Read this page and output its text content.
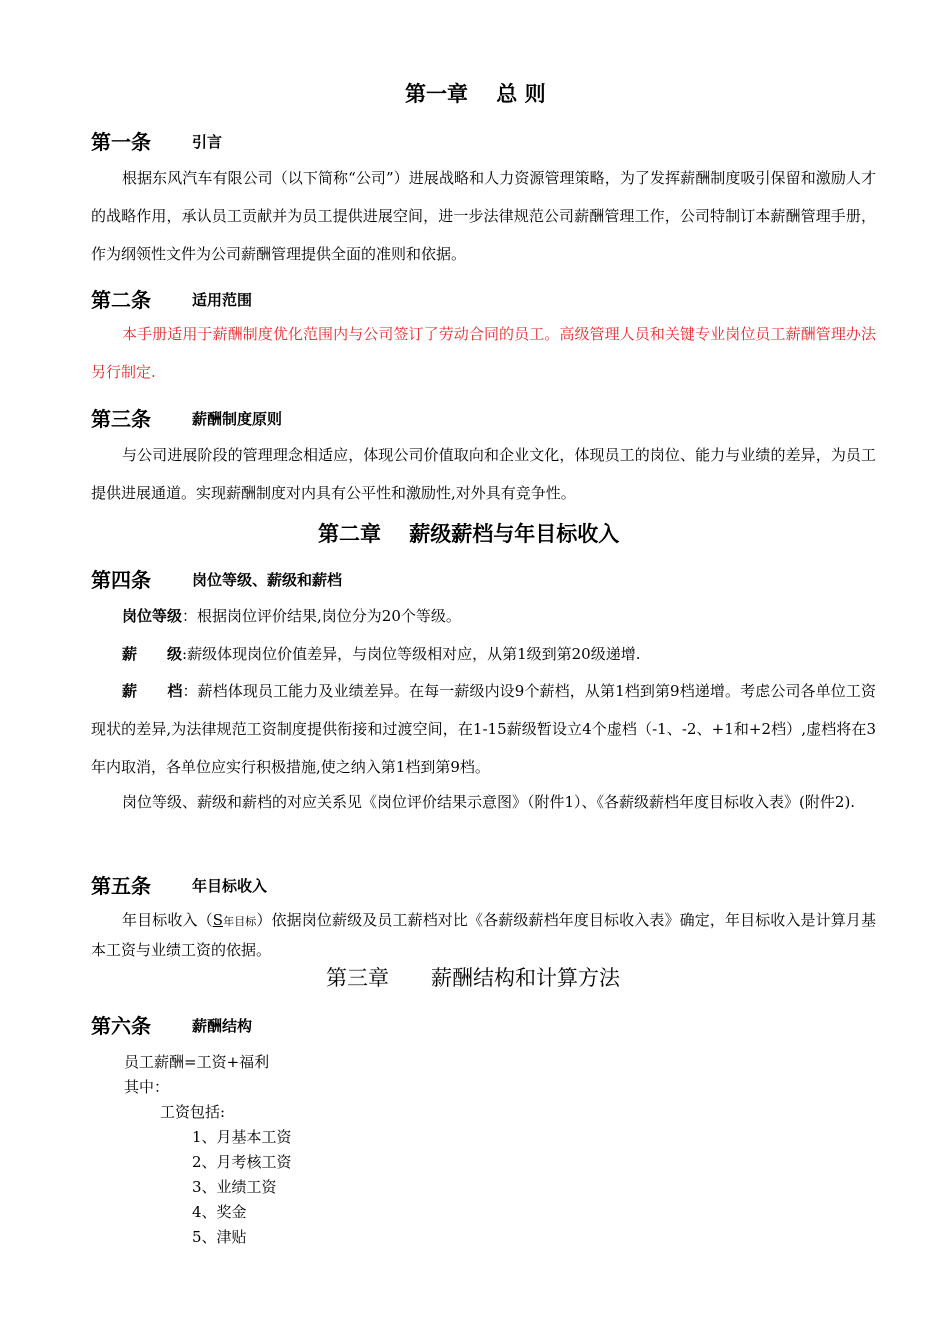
第一章　 总 则
第一条	引言
根据东风汽车有限公司（以下简称“公司”）进展战略和人力资源管理策略，为了发挥薪酬制度吸引保留和激励人才的战略作用，承认员工贡献并为员工提供进展空间，进一步法律规范公司薪酬管理工作，公司特制订本薪酬管理手册，作为纲领性文件为公司薪酬管理提供全面的准则和依据。
第二条	适用范围
本手册适用于薪酬制度优化范围内与公司签订了劳动合同的员工。高级管理人员和关键专业岗位员工薪酬管理办法另行制定.
第三条	薪酬制度原则
与公司进展阶段的管理理念相适应，体现公司价值取向和企业文化，体现员工的岗位、能力与业绩的差异，为员工提供进展通道。实现薪酬制度对内具有公平性和激励性,对外具有竞争性。
第二章　 薪级薪档与年目标收入
第四条	岗位等级、薪级和薪档
岗位等级：根据岗位评价结果,岗位分为20个等级。
薪　　级:薪级体现岗位价值差异，与岗位等级相对应，从第1级到第20级递增.
薪　　档：薪档体现员工能力及业绩差异。在每一薪级内设9个薪档，从第1档到第9档递增。考虑公司各单位工资现状的差异,为法律规范工资制度提供衔接和过渡空间，在1-15薪级暂设立4个虚档（-1、-2、+1和+2档）,虚档将在3年内取消，各单位应实行积极措施,使之纳入第1档到第9档。
岗位等级、薪级和薪档的对应关系见《岗位评价结果示意图》（附件1）、《各薪级薪档年度目标收入表》(附件2).
第五条	年目标收入
年目标收入（S年目标）依据岗位薪级及员工薪档对比《各薪级薪档年度目标收入表》确定，年目标收入是计算月基本工资与业绩工资的依据。
第三章　　薪酬结构和计算方法
第六条	薪酬结构
员工薪酬=工资+福利
其中：
工资包括:
1、月基本工资
2、月考核工资
3、业绩工资
4、奖金
5、津贴
